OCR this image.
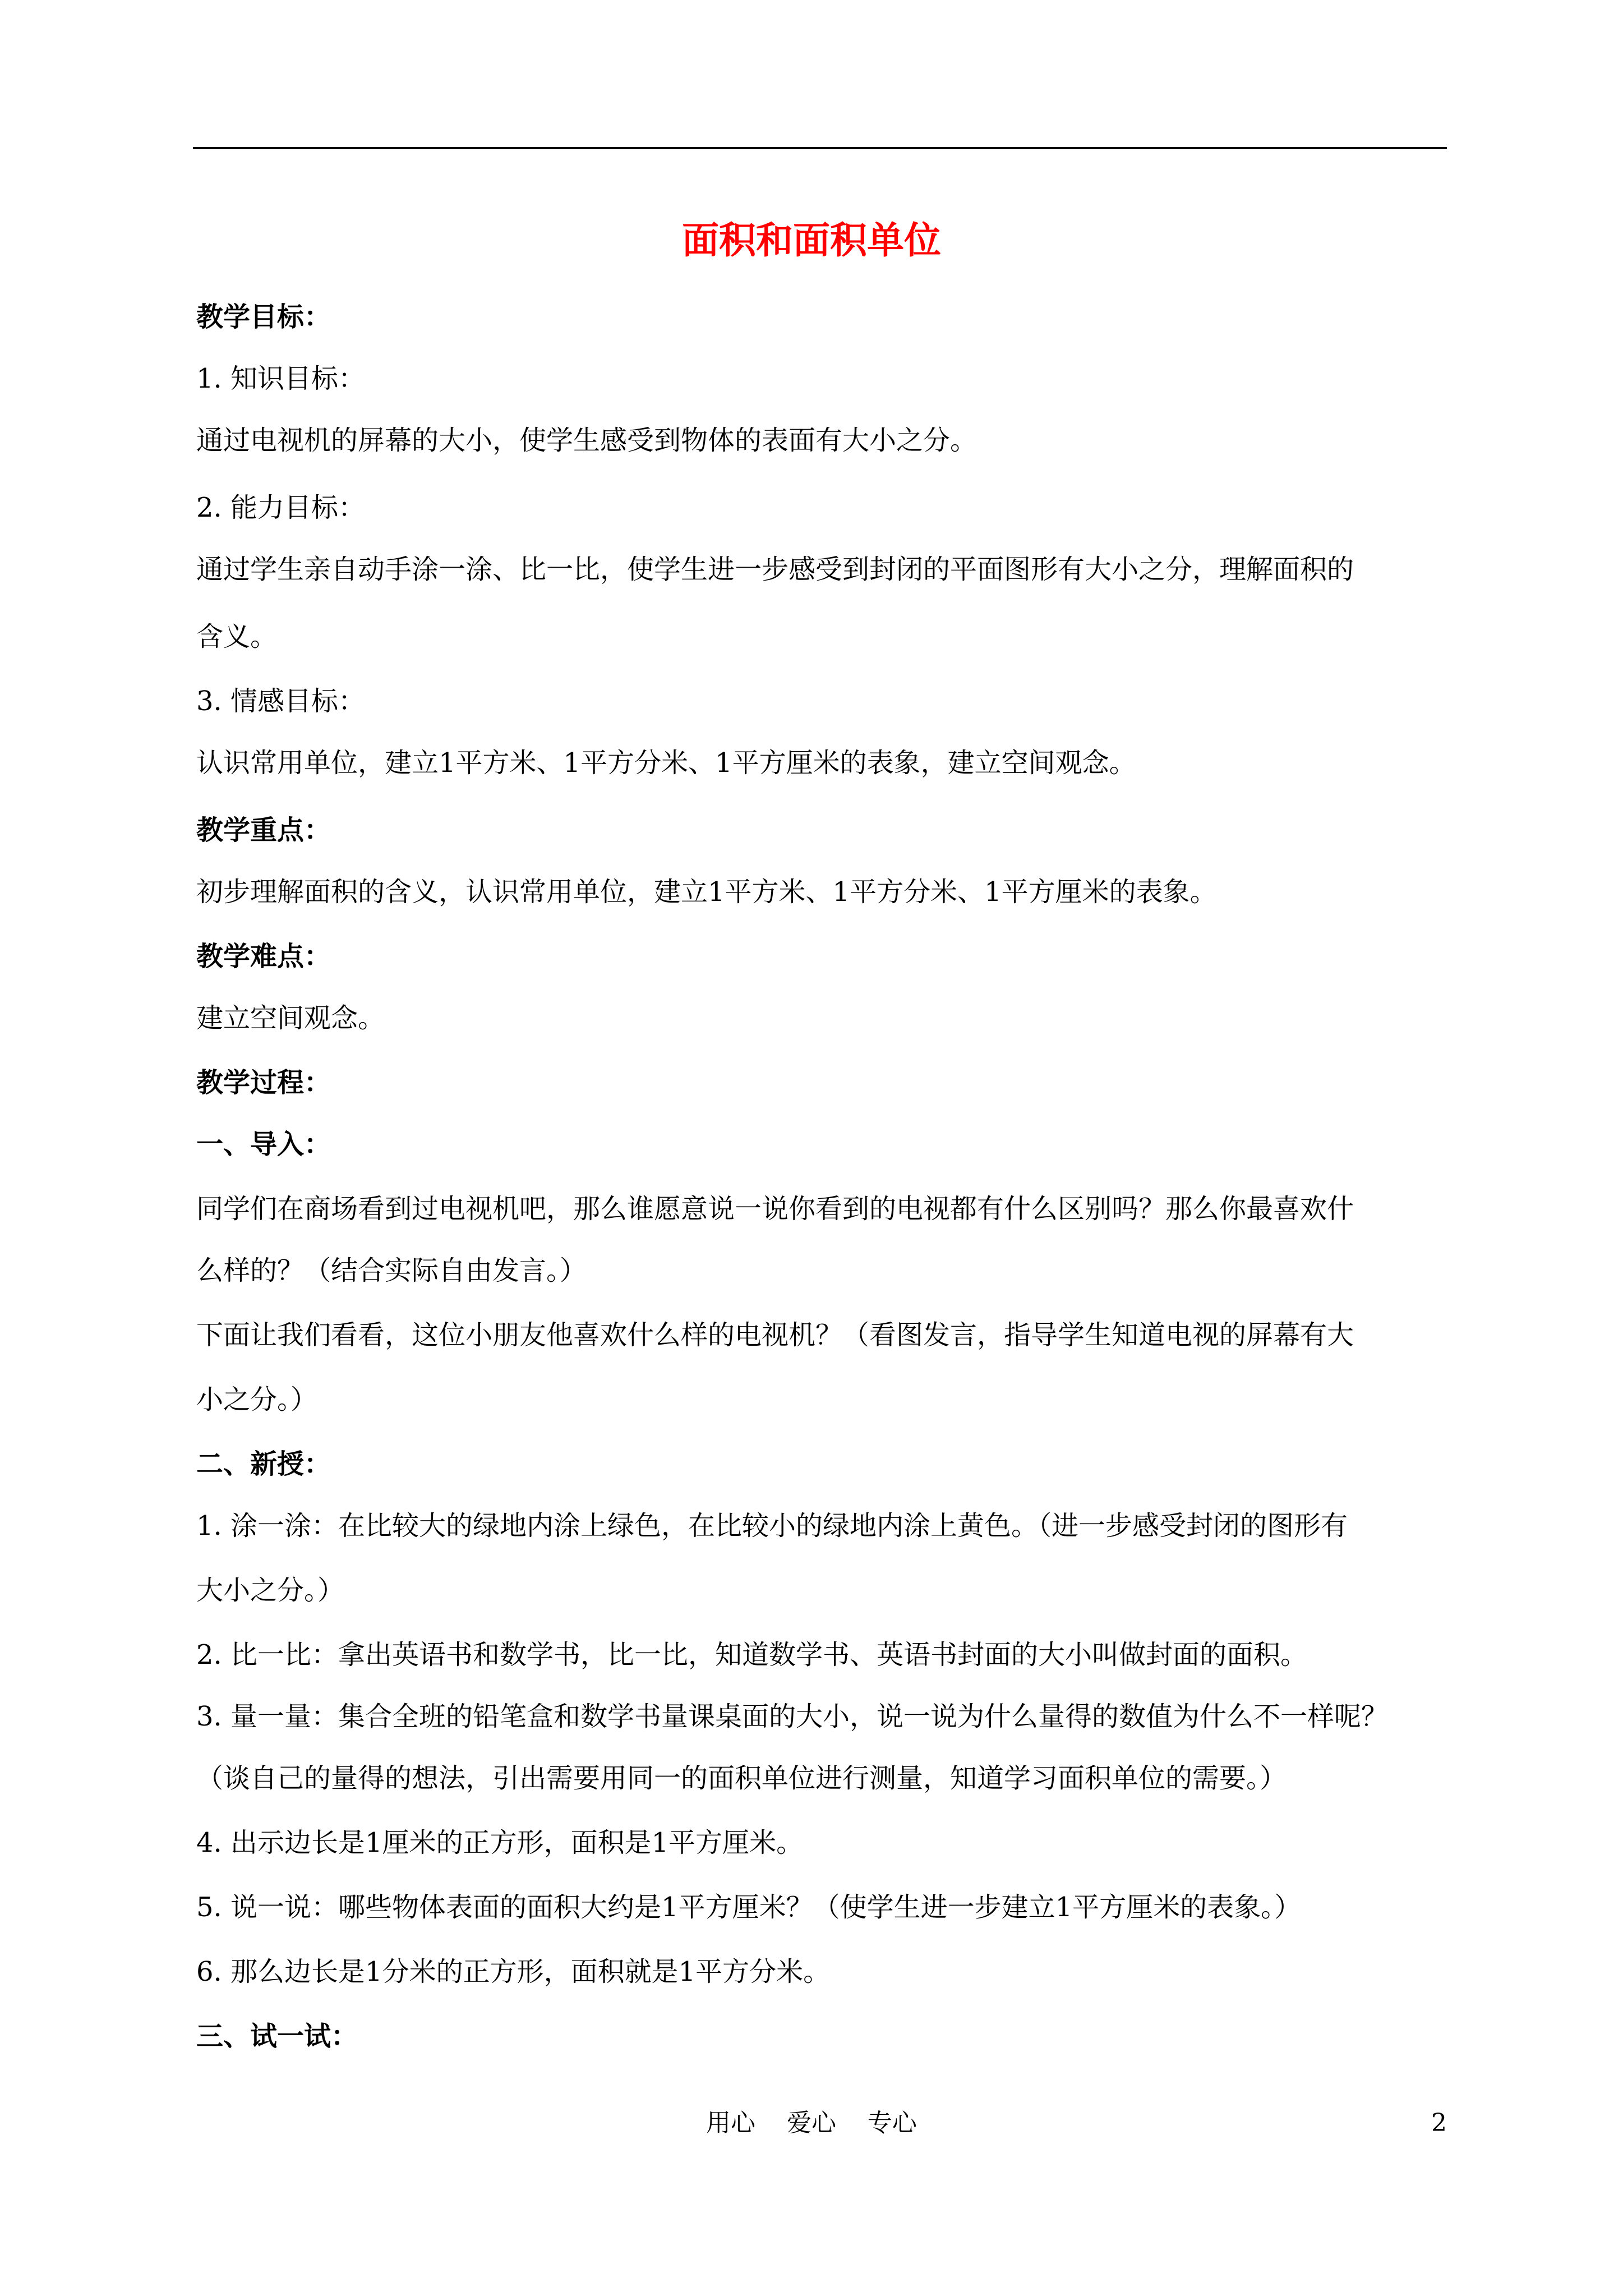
面积和面积单位
教学目标：
1. 知识目标：
通过电视机的屏幕的大小，使学生感受到物体的表面有大小之分。
2. 能力目标：
通过学生亲自动手涂一涂、比一比，使学生进一步感受到封闭的平面图形有大小之分，理解面积的
含义。
3. 情感目标：
认识常用单位，建立1平方米、1平方分米、1平方厘米的表象，建立空间观念。
教学重点：
初步理解面积的含义，认识常用单位，建立1平方米、1平方分米、1平方厘米的表象。
教学难点：
建立空间观念。
教学过程：
一、导入：
同学们在商场看到过电视机吧，那么谁愿意说一说你看到的电视都有什么区别吗？那么你最喜欢什
么样的？（结合实际自由发言。）
下面让我们看看，这位小朋友他喜欢什么样的电视机？（看图发言，指导学生知道电视的屏幕有大
小之分。）
二、新授：
1. 涂一涂：在比较大的绿地内涂上绿色，在比较小的绿地内涂上黄色。（进一步感受封闭的图形有
大小之分。）
2. 比一比：拿出英语书和数学书，比一比，知道数学书、英语书封面的大小叫做封面的面积。
3. 量一量：集合全班的铅笔盒和数学书量课桌面的大小，说一说为什么量得的数值为什么不一样呢？
（谈自己的量得的想法，引出需要用同一的面积单位进行测量，知道学习面积单位的需要。）
4. 出示边长是1厘米的正方形，面积是1平方厘米。
5. 说一说：哪些物体表面的面积大约是1平方厘米？（使学生进一步建立1平方厘米的表象。）
6. 那么边长是1分米的正方形，面积就是1平方分米。
三、试一试：
用心    爱心    专心	2
